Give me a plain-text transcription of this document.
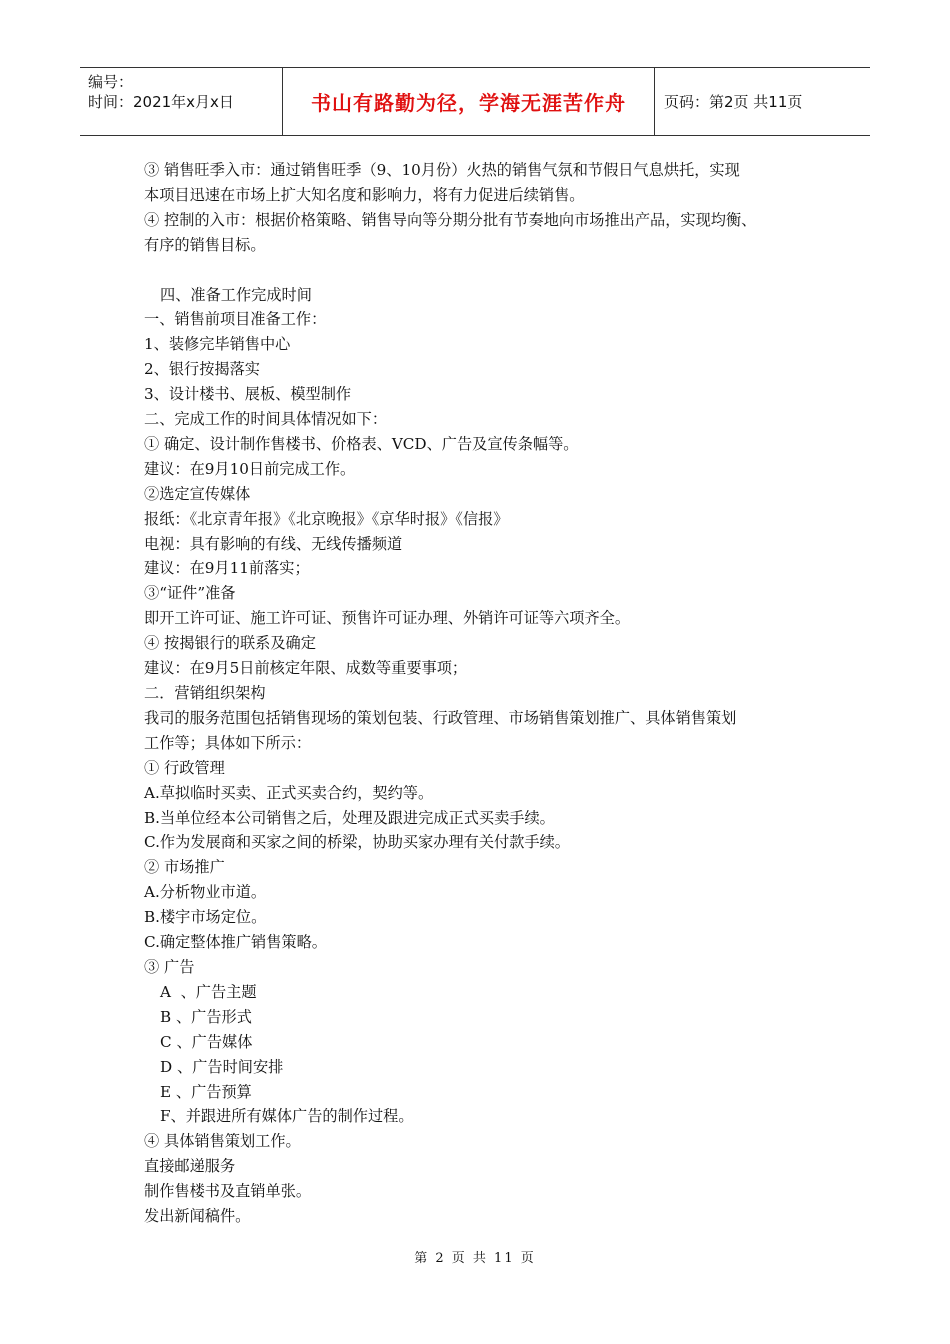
编号：
时间：2021年x月x日	书山有路勤为径，学海无涯苦作舟	页码：第2页 共11页

③ 销售旺季入市：通过销售旺季（9、10月份）火热的销售气氛和节假日气息烘托，实现

本项目迅速在市场上扩大知名度和影响力，将有力促进后续销售。

④ 控制的入市：根据价格策略、销售导向等分期分批有节奏地向市场推出产品，实现均衡、

有序的销售目标。

四、准备工作完成时间

一、销售前项目准备工作：

1、装修完毕销售中心

2、银行按揭落实

3、设计楼书、展板、模型制作

二、完成工作的时间具体情况如下：

① 确定、设计制作售楼书、价格表、VCD、广告及宣传条幅等。

建议：在9月10日前完成工作。

②选定宣传媒体

报纸：《北京青年报》《北京晚报》《京华时报》《信报》

电视：具有影响的有线、无线传播频道

建议：在9月11前落实；

③“证件”准备

即开工许可证、施工许可证、预售许可证办理、外销许可证等六项齐全。

④ 按揭银行的联系及确定

建议：在9月5日前核定年限、成数等重要事项；

二．营销组织架构

我司的服务范围包括销售现场的策划包装、行政管理、市场销售策划推广、具体销售策划

工作等；具体如下所示：

① 行政管理

A.草拟临时买卖、正式买卖合约，契约等。

B.当单位经本公司销售之后，处理及跟进完成正式买卖手续。

C.作为发展商和买家之间的桥梁，协助买家办理有关付款手续。

② 市场推广

A.分析物业市道。

B.楼宇市场定位。

C.确定整体推广销售策略。

③ 广告

A  、广告主题

B 、广告形式

C 、广告媒体

D 、广告时间安排

E 、广告预算

F、并跟进所有媒体广告的制作过程。

④ 具体销售策划工作。

直接邮递服务

制作售楼书及直销单张。

发出新闻稿件。

第 2 页 共 11 页
